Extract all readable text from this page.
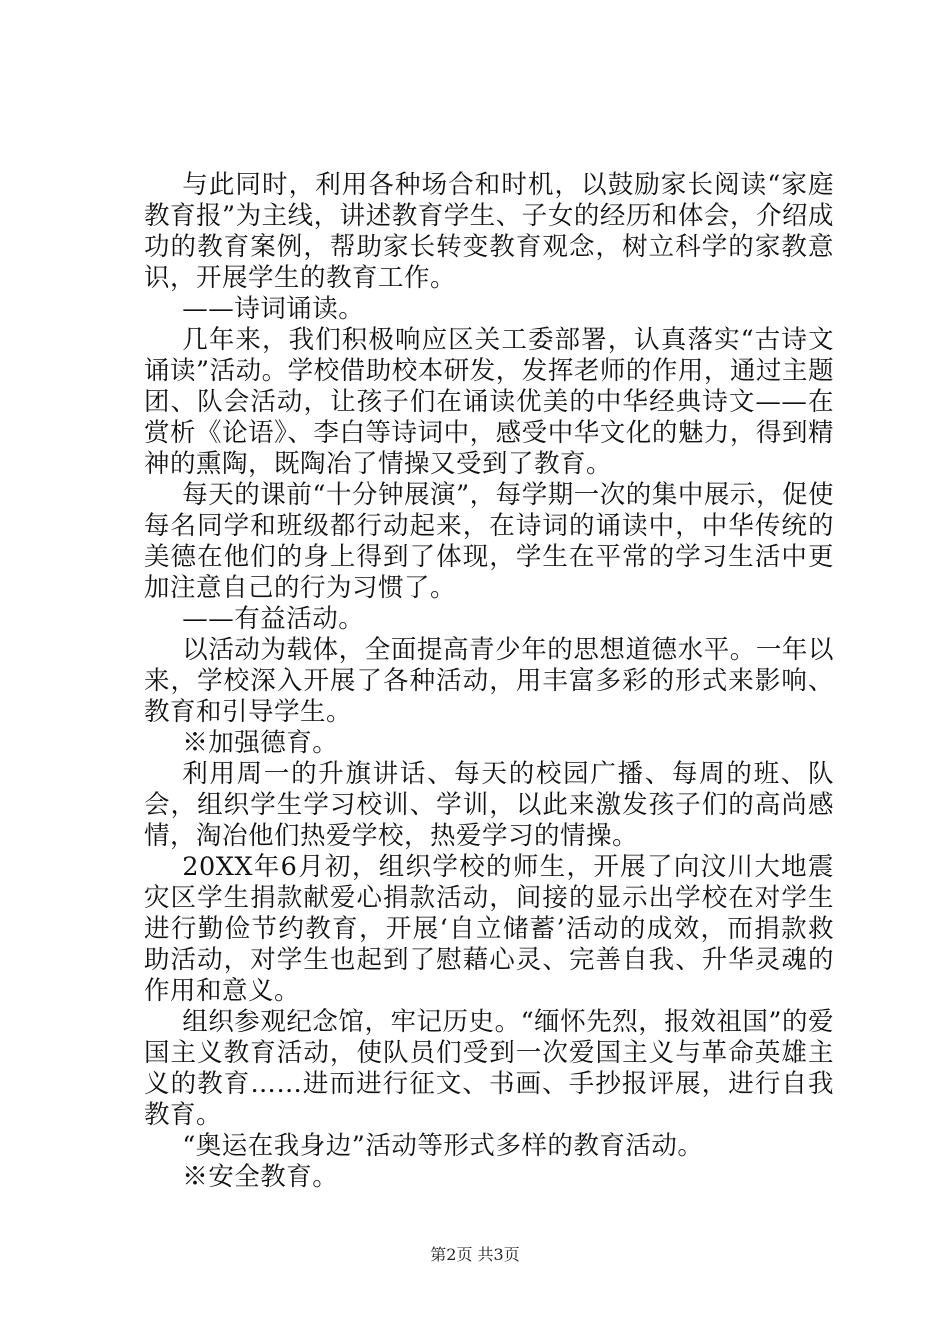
与此同时，利用各种场合和时机，以鼓励家长阅读“家庭教育报”为主线，讲述教育学生、子女的经历和体会，介绍成功的教育案例，帮助家长转变教育观念，树立科学的家教意识，开展学生的教育工作。

——诗词诵读。

几年来，我们积极响应区关工委部署，认真落实“古诗文诵读”活动。学校借助校本研发，发挥老师的作用，通过主题团、队会活动，让孩子们在诵读优美的中华经典诗文——在赏析《论语》、李白等诗词中，感受中华文化的魅力，得到精神的熏陶，既陶冶了情操又受到了教育。

每天的课前“十分钟展演”，每学期一次的集中展示，促使每名同学和班级都行动起来，在诗词的诵读中，中华传统的美德在他们的身上得到了体现，学生在平常的学习生活中更加注意自己的行为习惯了。

——有益活动。

以活动为载体，全面提高青少年的思想道德水平。一年以来，学校深入开展了各种活动，用丰富多彩的形式来影响、教育和引导学生。

※加强德育。

利用周一的升旗讲话、每天的校园广播、每周的班、队会，组织学生学习校训、学训，以此来激发孩子们的高尚感情，淘冶他们热爱学校，热爱学习的情操。

20XX年6月初，组织学校的师生，开展了向汶川大地震灾区学生捐款献爱心捐款活动，间接的显示出学校在对学生进行勤俭节约教育，开展‘自立储蓄’活动的成效，而捐款救助活动，对学生也起到了慰藉心灵、完善自我、升华灵魂的作用和意义。

组织参观纪念馆，牢记历史。“缅怀先烈，报效祖国”的爱国主义教育活动，使队员们受到一次爱国主义与革命英雄主义的教育……进而进行征文、书画、手抄报评展，进行自我教育。

“奥运在我身边”活动等形式多样的教育活动。

※安全教育。

第2页 共3页
